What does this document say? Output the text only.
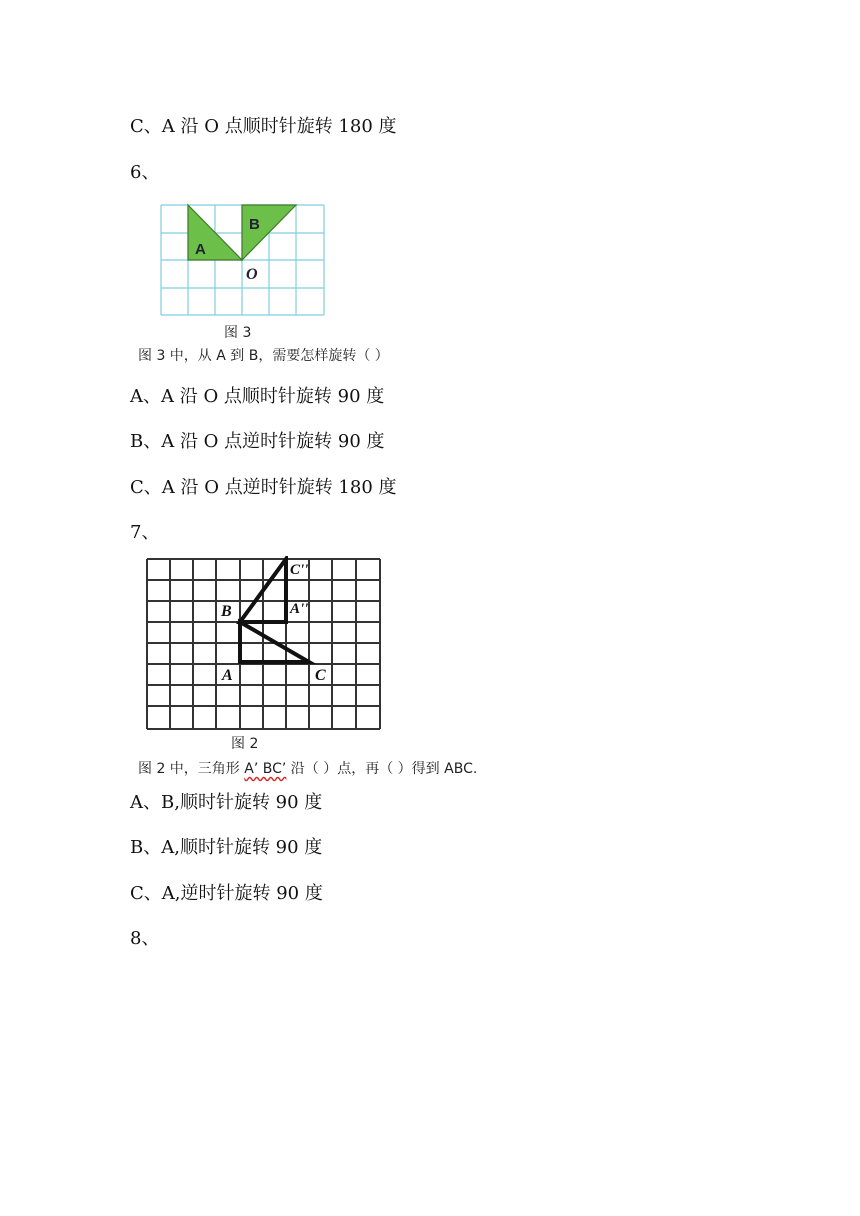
C、A 沿 O 点顺时针旋转 180 度
6、
A
B
O
图 3
图 3 中，从 A 到 B，需要怎样旋转（ ）
A、A 沿 O 点顺时针旋转 90 度
B、A 沿 O 点逆时针旋转 90 度
C、A 沿 O 点逆时针旋转 180 度
7、
C''
B	A''
A	C
图 2
图 2 中，三角形 A’ BC’ 沿（ ）点，再（ ）得到 ABC.
A、B,顺时针旋转 90 度
B、A,顺时针旋转 90 度
C、A,逆时针旋转 90 度
8、
